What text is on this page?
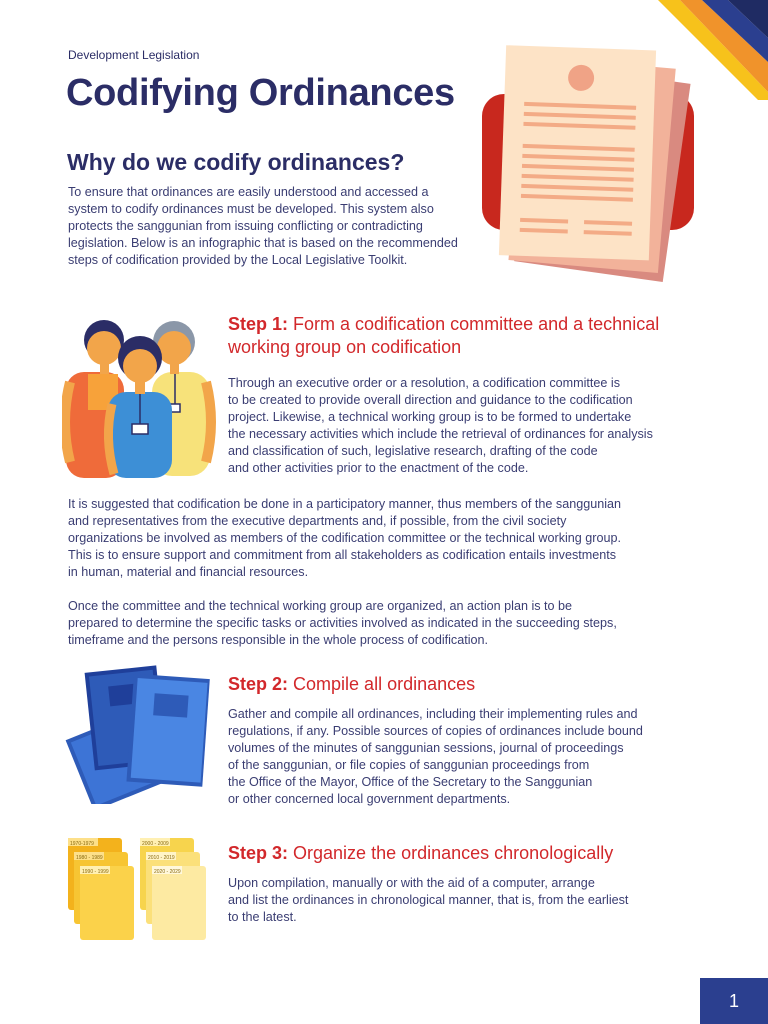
Development Legislation
Codifying Ordinances
Why do we codify ordinances?
To ensure that ordinances are easily understood and accessed a system to codify ordinances must be developed. This system also protects the sanggunian from issuing conflicting or contradicting legislation. Below is an infographic that is based on the recommended steps of codification provided by the Local Legislative Toolkit.
Step 1: Form a codification committee and a technical working group on codification
Through an executive order or a resolution, a codification committee is
to be created to provide overall direction and guidance to the codification
project. Likewise, a technical working group is to be formed to undertake
the necessary activities which include the retrieval of ordinances for analysis
and classification of such, legislative research, drafting of the code
and other activities prior to the enactment of the code.
It is suggested that codification be done in a participatory manner, thus members of the sanggunian
and representatives from the executive departments and, if possible, from the civil society
organizations be involved as members of the codification committee or the technical working group.
This is to ensure support and commitment from all stakeholders as codification entails investments
in human, material and financial resources.
Once the committee and the technical working group are organized, an action plan is to be
prepared to determine the specific tasks or activities involved as indicated in the succeeding steps,
timeframe and the persons responsible in the whole process of codification.
Step 2: Compile all ordinances
Gather and compile all ordinances, including their implementing rules and
regulations, if any. Possible sources of copies of ordinances include bound
volumes of the minutes of sanggunian sessions, journal of proceedings
of the sanggunian, or file copies of sanggunian proceedings from
the Office of the Mayor, Office of the Secretary to the Sanggunian
or other concerned local government departments.
1970-1979
1980 - 1989
1990 - 1999
2000 - 2009
2010 - 2019
2020 - 2029
Step 3: Organize the ordinances chronologically
Upon compilation, manually or with the aid of a computer, arrange
and list the ordinances in chronological manner, that is, from the earliest
to the latest.
1
